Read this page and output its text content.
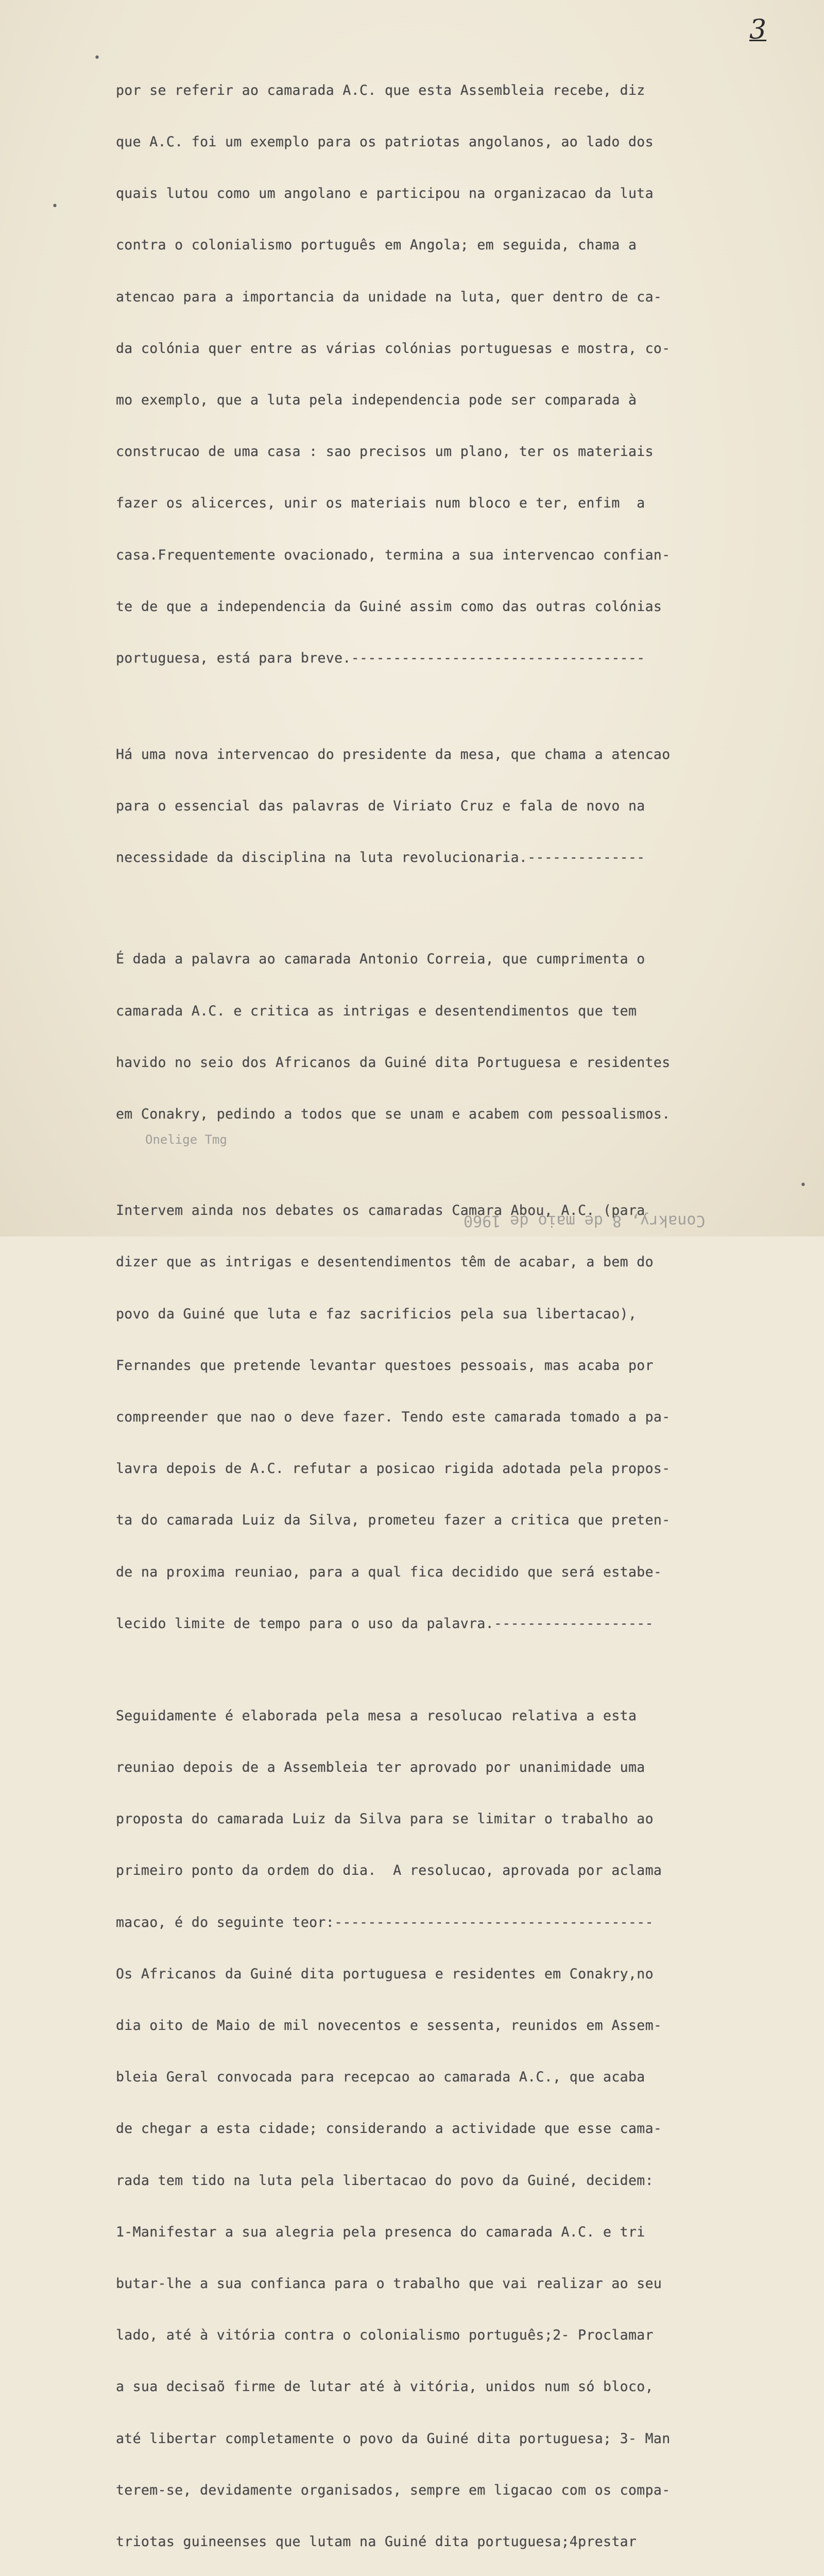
3
•
•

por se referir ao camarada A.C. que esta Assembleia recebe, diz

que A.C. foi um exemplo para os patriotas angolanos, ao lado dos

quais lutou como um angolano e participou na organizacao da luta

contra o colonialismo português em Angola; em seguida, chama a

atencao para a importancia da unidade na luta, quer dentro de ca-

da colónia quer entre as várias colónias portuguesas e mostra, co-

mo exemplo, que a luta pela independencia pode ser comparada à

construcao de uma casa : sao precisos um plano, ter os materiais

fazer os alicerces, unir os materiais num bloco e ter, enfim  a

casa.Frequentemente ovacionado, termina a sua intervencao confian-

te de que a independencia da Guiné assim como das outras colónias

portuguesa, está para breve.-----------------------------------

Há uma nova intervencao do presidente da mesa, que chama a atencao

para o essencial das palavras de Viriato Cruz e fala de novo na

necessidade da disciplina na luta revolucionaria.--------------

É dada a palavra ao camarada Antonio Correia, que cumprimenta o

camarada A.C. e critica as intrigas e desentendimentos que tem

havido no seio dos Africanos da Guiné dita Portuguesa e residentes

em Conakry, pedindo a todos que se unam e acabem com pessoalismos.

Intervem ainda nos debates os camaradas Camara Abou, A.C. (para

dizer que as intrigas e desentendimentos têm de acabar, a bem do

povo da Guiné que luta e faz sacrificios pela sua libertacao),

Fernandes que pretende levantar questoes pessoais, mas acaba por

compreender que nao o deve fazer. Tendo este camarada tomado a pa-

lavra depois de A.C. refutar a posicao rigida adotada pela propos-

ta do camarada Luiz da Silva, prometeu fazer a critica que preten-

de na proxima reuniao, para a qual fica decidido que será estabe-

lecido limite de tempo para o uso da palavra.-------------------

Seguidamente é elaborada pela mesa a resolucao relativa a esta

reuniao depois de a Assembleia ter aprovado por unanimidade uma

proposta do camarada Luiz da Silva para se limitar o trabalho ao

primeiro ponto da ordem do dia.  A resolucao, aprovada por aclama

macao, é do seguinte teor:--------------------------------------

Os Africanos da Guiné dita portuguesa e residentes em Conakry,no

dia oito de Maio de mil novecentos e sessenta, reunidos em Assem-

bleia Geral convocada para recepcao ao camarada A.C., que acaba

de chegar a esta cidade; considerando a actividade que esse cama-

rada tem tido na luta pela libertacao do povo da Guiné, decidem:

1-Manifestar a sua alegria pela presenca do camarada A.C. e tri

butar-lhe a sua confianca para o trabalho que vai realizar ao seu

lado, até à vitória contra o colonialismo português;2- Proclamar

a sua decisaõ firme de lutar até à vitória, unidos num só bloco,

até libertar completamente o povo da Guiné dita portuguesa; 3- Man

terem-se, devidamente organisados, sempre em ligacao com os compa-

triotas guineenses que lutam na Guiné dita portuguesa;4prestar

Onelige Tmg
•
Conakry, 8 de maio de 1960
